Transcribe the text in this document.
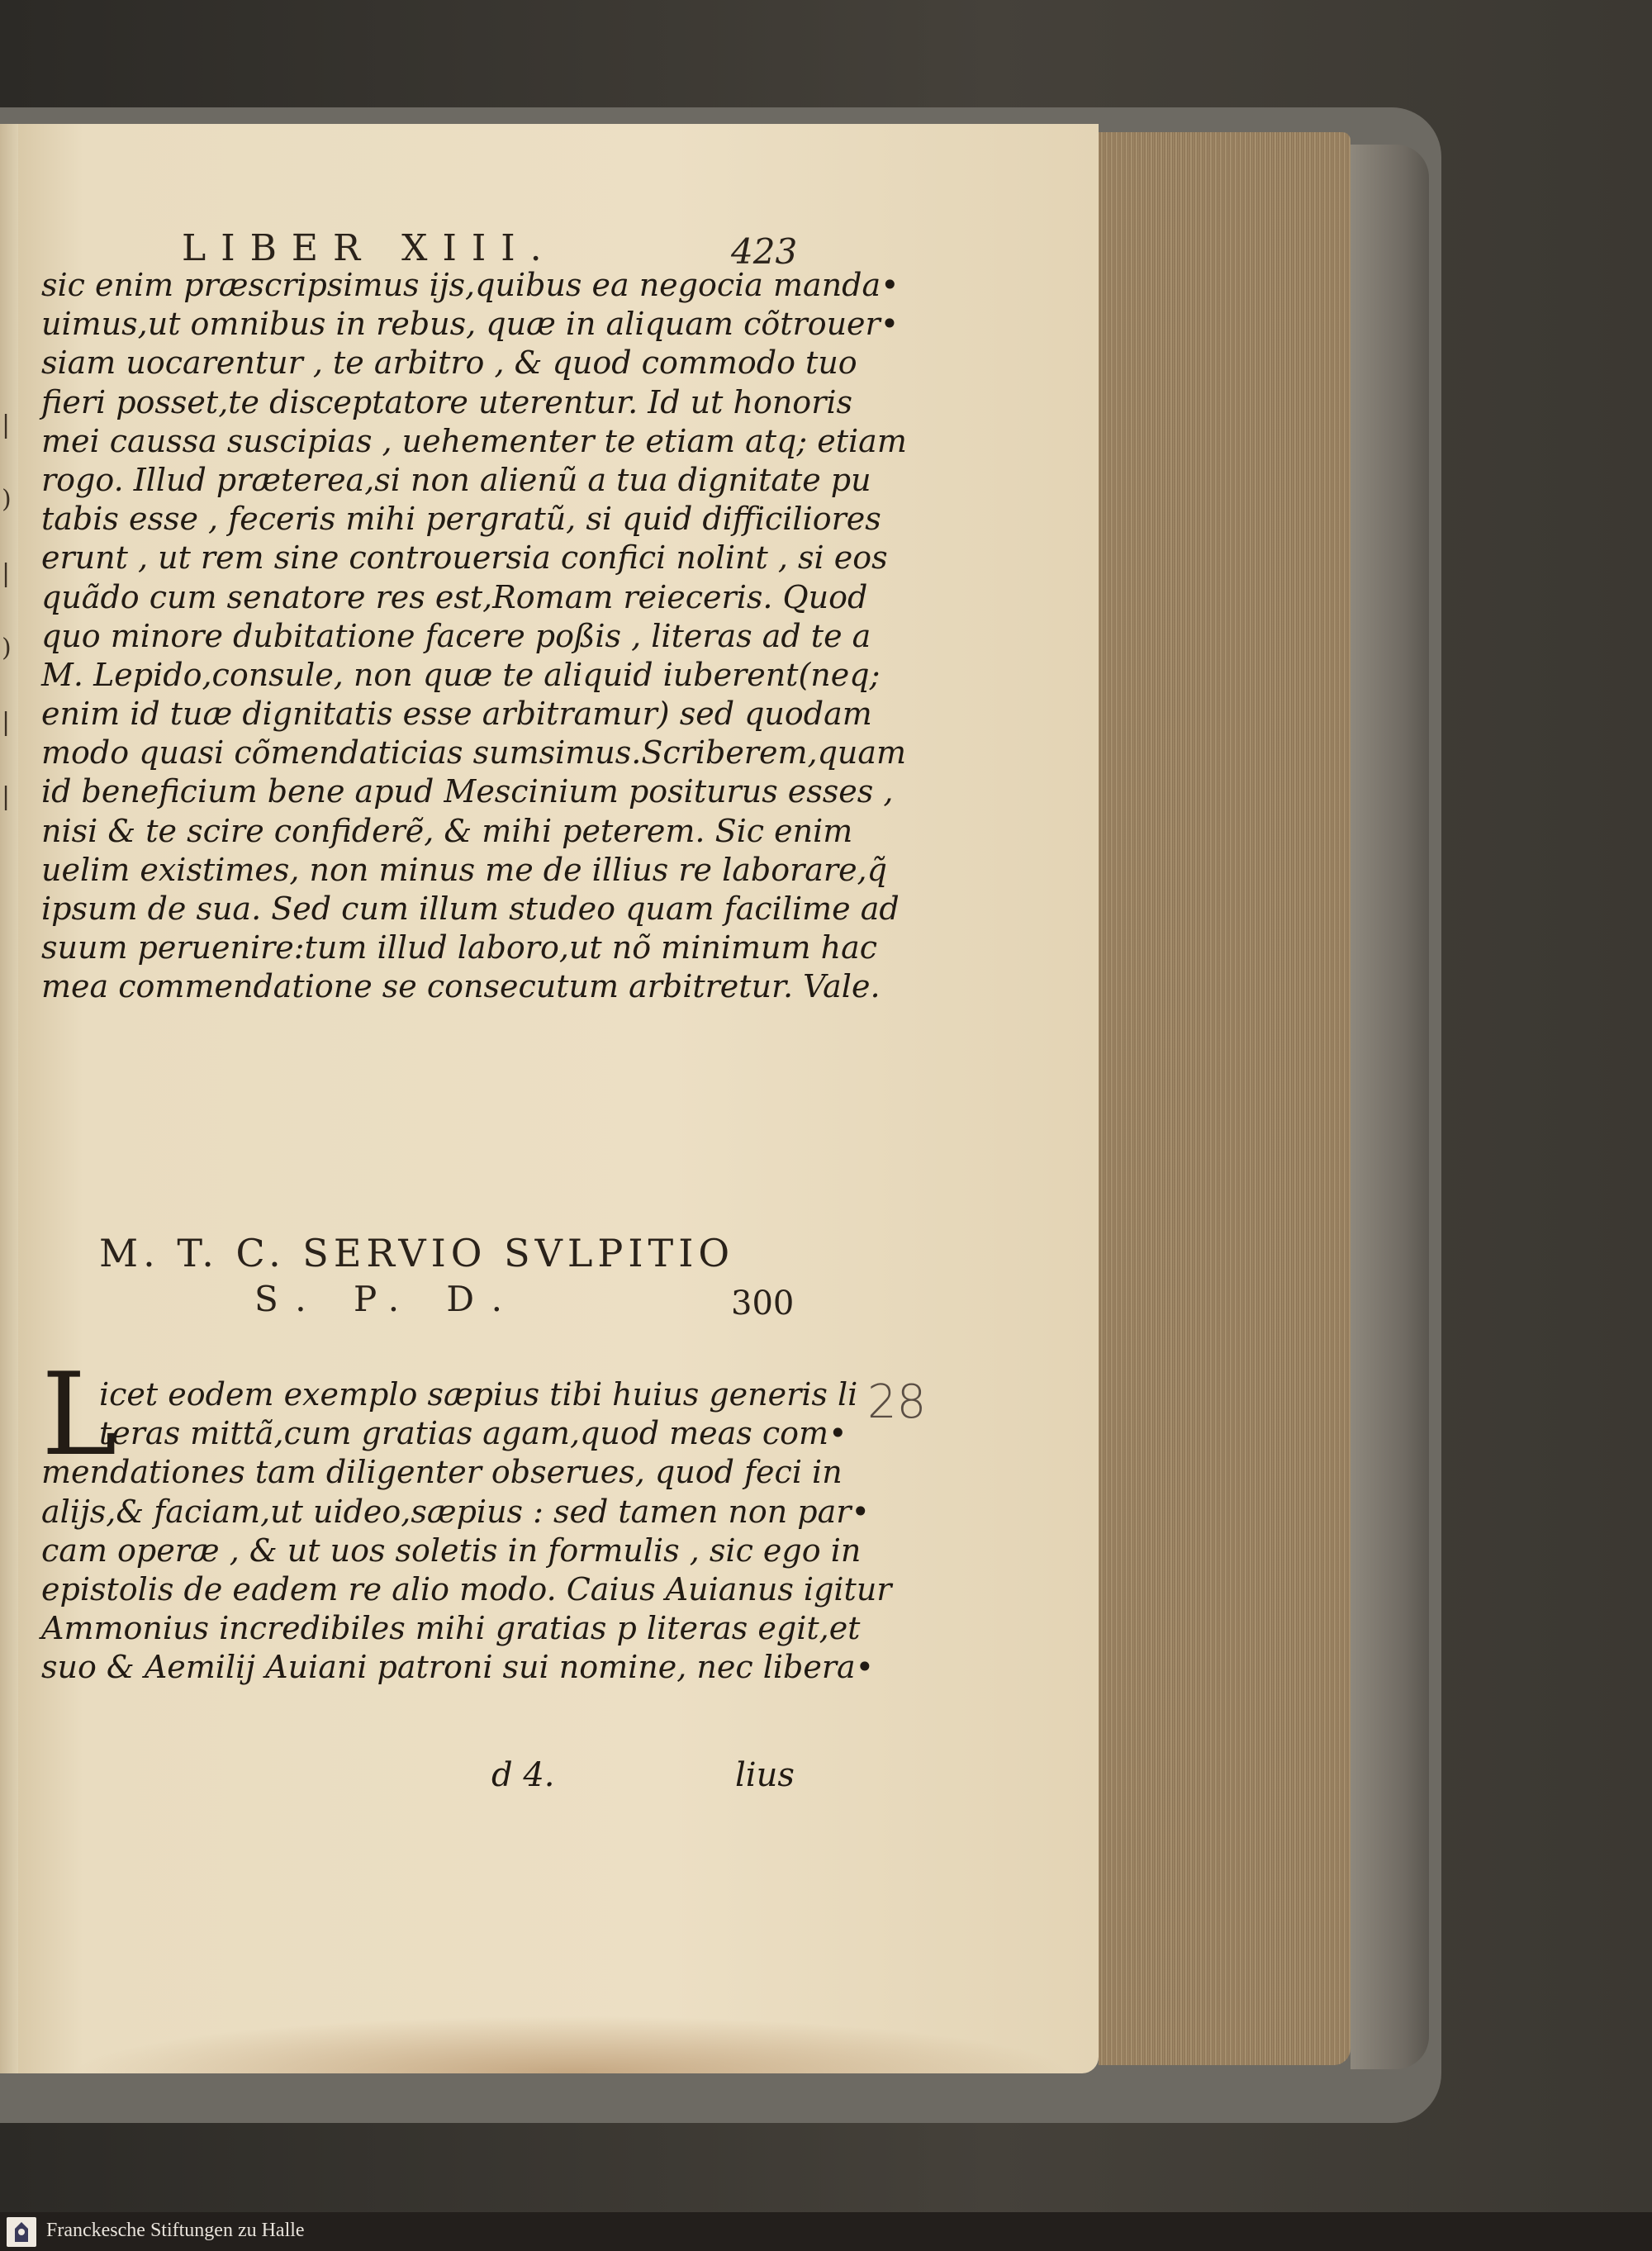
|
)
|
)
|
|
LIBER XIII.	423
sic enim præscripsimus ijs,quibus ea negocia manda•
uimus,ut omnibus in rebus, quæ in aliquam cõtrouer•
siam uocarentur , te arbitro , & quod commodo tuo
fieri posset,te disceptatore uterentur. Id ut honoris
mei caussa suscipias , uehementer te etiam atq; etiam
rogo. Illud præterea,si non alienũ a tua dignitate pu
tabis esse , feceris mihi pergratũ, si quid difficiliores
erunt , ut rem sine controuersia confici nolint , si eos
quãdo cum senatore res est,Romam reieceris. Quod
quo minore dubitatione facere poßis , literas ad te a
M. Lepido,consule, non quæ te aliquid iuberent(neq;
enim id tuæ dignitatis esse arbitramur) sed quodam
modo quasi cõmendaticias sumsimus.Scriberem,quam
id beneficium bene apud Mescinium positurus esses ,
nisi & te scire confiderẽ, & mihi peterem. Sic enim
uelim existimes, non minus me de illius re laborare,q̃
ipsum de sua. Sed cum illum studeo quam facilime ad
suum peruenire:tum illud laboro,ut nõ minimum hac
mea commendatione se consecutum arbitretur. Vale.
M. T. C. SERVIO SVLPITIO
S. P. D.	300
L
icet eodem exemplo sæpius tibi huius generis li
teras mittã,cum gratias agam,quod meas com•
mendationes tam diligenter obserues, quod feci in
alijs,& faciam,ut uideo,sæpius : sed tamen non par•
cam operæ , & ut uos soletis in formulis , sic ego in
epistolis de eadem re alio modo. Caius Auianus igitur
Ammonius incredibiles mihi gratias p literas egit,et
suo & Aemilij Auiani patroni sui nomine, nec libera•
d 4.	lius
28
Franckesche Stiftungen zu Halle
